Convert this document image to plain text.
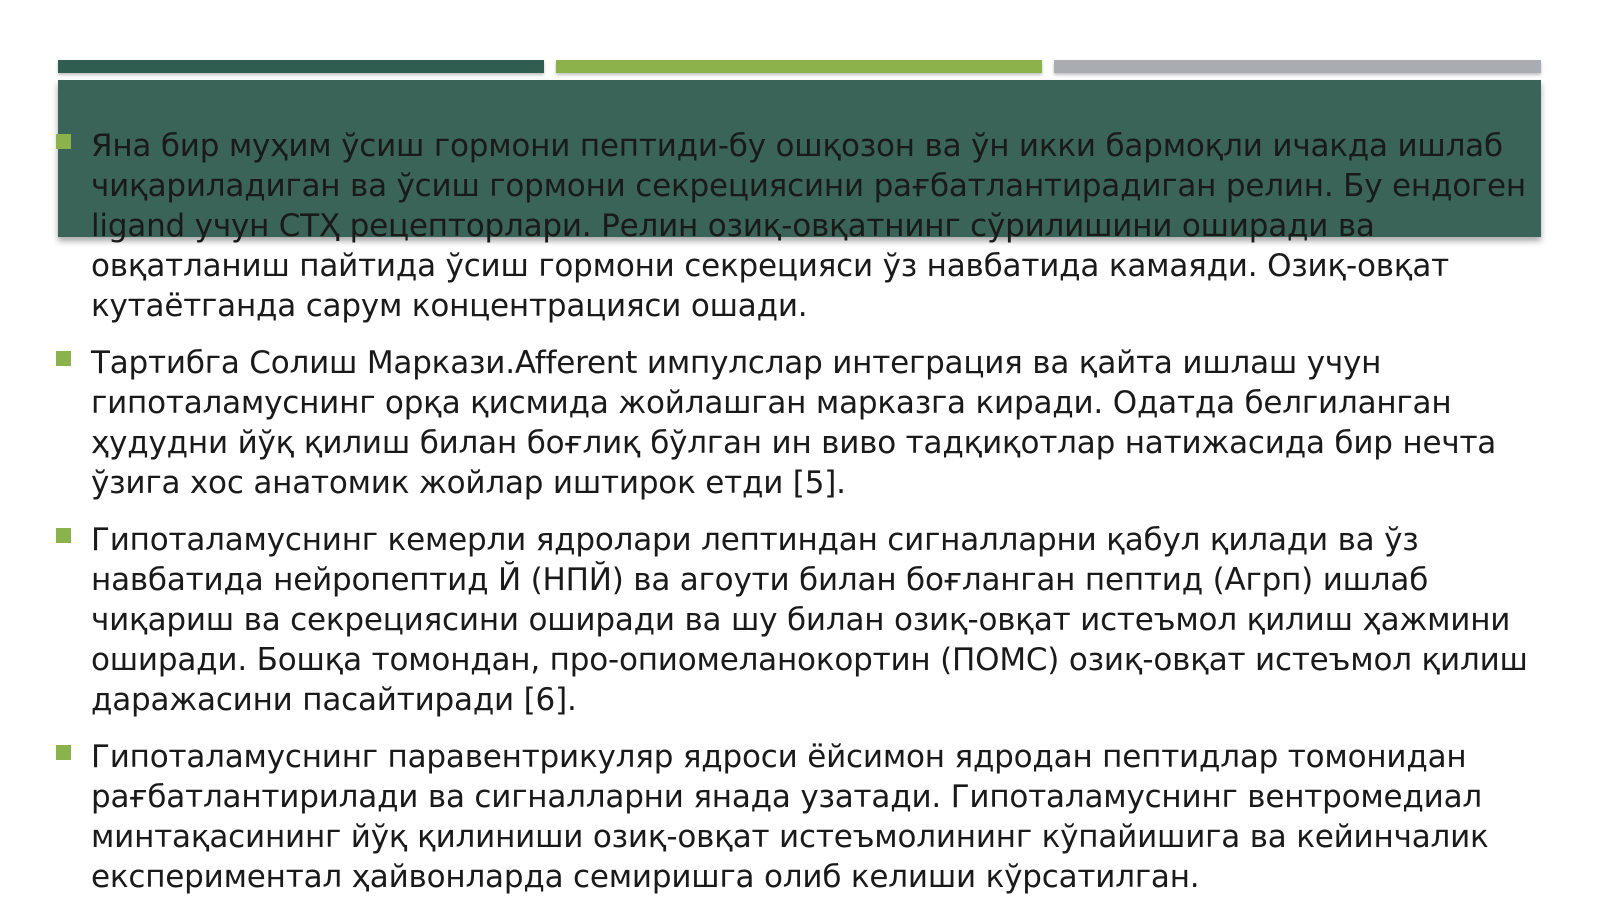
Яна бир муҳим ўсиш гормони пептиди-бу ошқозон ва ўн икки бармоқли ичакда ишлаб чиқариладиган ва ўсиш гормони секрециясини рағбатлантирадиган релин. Бу ендоген ligand учун СТҲ рецепторлари. Релин озиқ-овқатнинг сўрилишини оширади ва овқатланиш пайтида ўсиш гормони секрецияси ўз навбатида камаяди. Озиқ-овқат кутаётганда сарум концентрацияси ошади.
Тартибга Солиш Маркази.Afferent импулслар интеграция ва қайта ишлаш учун гипоталамуснинг орқа қисмида жойлашган марказга киради. Одатда белгиланган ҳудудни йўқ қилиш билан боғлиқ бўлган ин виво тадқиқотлар натижасида бир нечта ўзига хос анатомик жойлар иштирок етди [5].
Гипоталамуснинг кемерли ядролари лептиндан сигналларни қабул қилади ва ўз навбатида нейропептид Й (НПЙ) ва агоути билан боғланган пептид (Агрп) ишлаб чиқариш ва секрециясини оширади ва шу билан озиқ-овқат истеъмол қилиш ҳажмини оширади. Бошқа томондан, про-опиомеланокортин (ПОМС) озиқ-овқат истеъмол қилиш даражасини пасайтиради [6].
Гипоталамуснинг паравентрикуляр ядроси ёйсимон ядродан пептидлар томонидан рағбатлантирилади ва сигналларни янада узатади. Гипоталамуснинг вентромедиал минтақасининг йўқ қилиниши озиқ-овқат истеъмолининг кўпайишига ва кейинчалик експериментал ҳайвонларда семиришга олиб келиши кўрсатилган.
